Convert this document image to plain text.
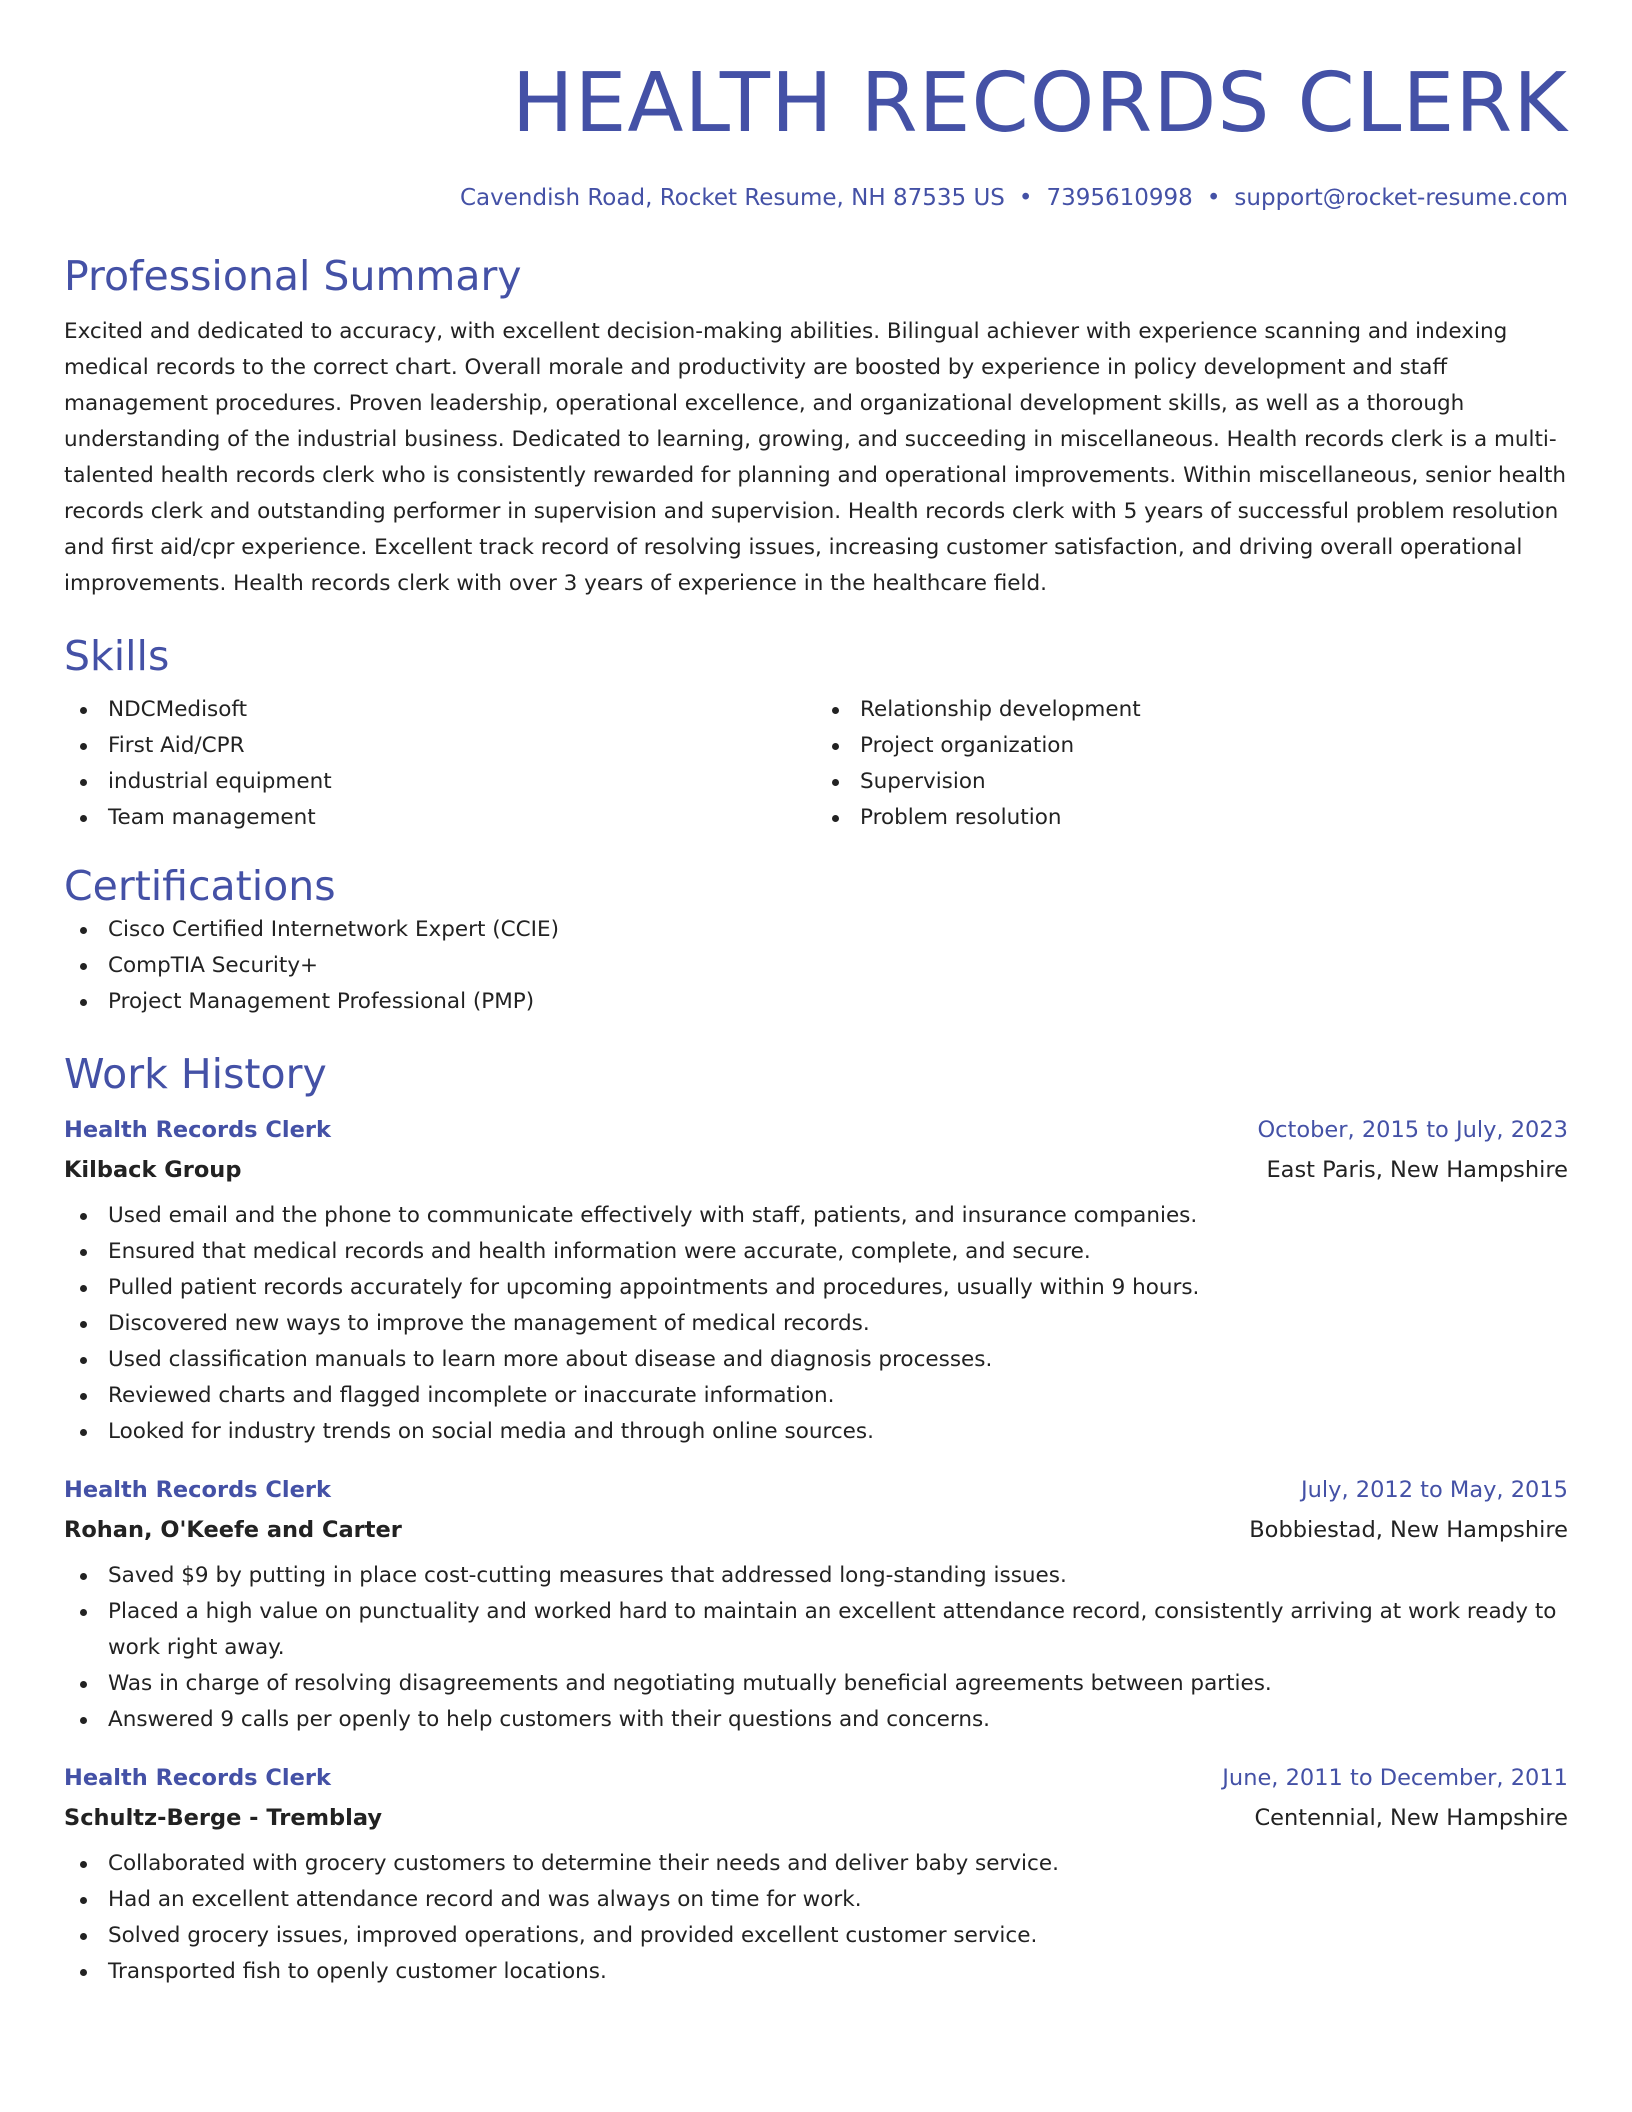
HEALTH RECORDS CLERK
Cavendish Road, Rocket Resume, NH 87535 US • 7395610998 • support@rocket-resume.com
Professional Summary

Excited and dedicated to accuracy, with excellent decision-making abilities. Bilingual achiever with experience scanning and indexing medical records to the correct chart. Overall morale and productivity are boosted by experience in policy development and staff management procedures. Proven leadership, operational excellence, and organizational development skills, as well as a thorough understanding of the industrial business. Dedicated to learning, growing, and succeeding in miscellaneous. Health records clerk is a multi-talented health records clerk who is consistently rewarded for planning and operational improvements. Within miscellaneous, senior health records clerk and outstanding performer in supervision and supervision. Health records clerk with 5 years of successful problem resolution and first aid/cpr experience. Excellent track record of resolving issues, increasing customer satisfaction, and driving overall operational improvements. Health records clerk with over 3 years of experience in the healthcare field.

Skills
NDCMedisoft
First Aid/CPR
industrial equipment
Team management
Relationship development
Project organization
Supervision
Problem resolution
Certifications
Cisco Certified Internetwork Expert (CCIE)
CompTIA Security+
Project Management Professional (PMP)
Work History
Health Records Clerk	October, 2015 to July, 2023
Kilback Group	East Paris, New Hampshire
Used email and the phone to communicate effectively with staff, patients, and insurance companies.
Ensured that medical records and health information were accurate, complete, and secure.
Pulled patient records accurately for upcoming appointments and procedures, usually within 9 hours.
Discovered new ways to improve the management of medical records.
Used classification manuals to learn more about disease and diagnosis processes.
Reviewed charts and flagged incomplete or inaccurate information.
Looked for industry trends on social media and through online sources.
Health Records Clerk	July, 2012 to May, 2015
Rohan, O'Keefe and Carter	Bobbiestad, New Hampshire
Saved $9 by putting in place cost-cutting measures that addressed long-standing issues.
Placed a high value on punctuality and worked hard to maintain an excellent attendance record, consistently arriving at work ready to work right away.
Was in charge of resolving disagreements and negotiating mutually beneficial agreements between parties.
Answered 9 calls per openly to help customers with their questions and concerns.
Health Records Clerk	June, 2011 to December, 2011
Schultz-Berge - Tremblay	Centennial, New Hampshire
Collaborated with grocery customers to determine their needs and deliver baby service.
Had an excellent attendance record and was always on time for work.
Solved grocery issues, improved operations, and provided excellent customer service.
Transported fish to openly customer locations.
